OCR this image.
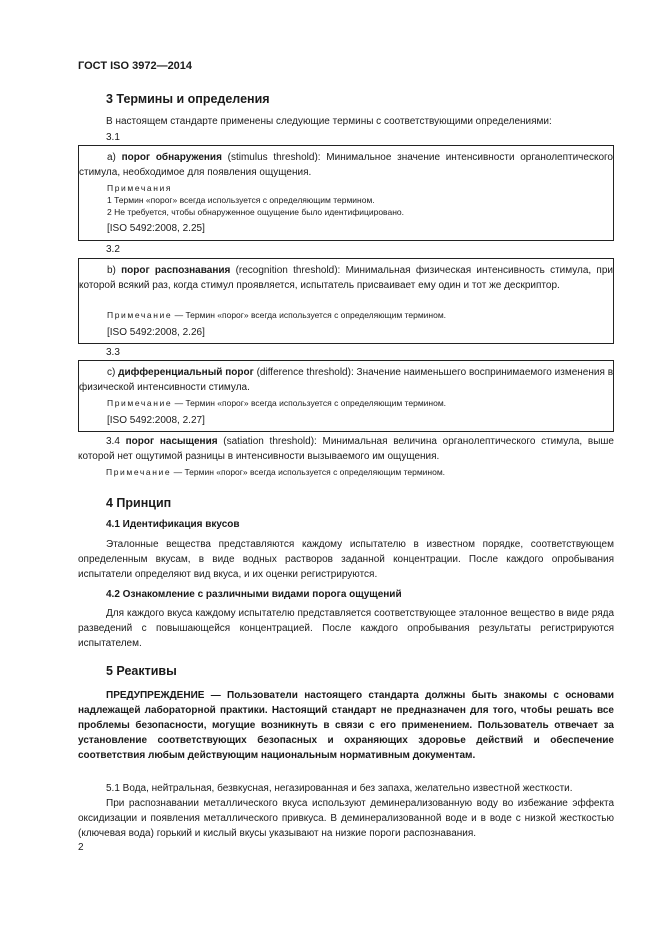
ГОСТ ISO 3972—2014
3 Термины и определения

В настоящем стандарте применены следующие термины с соответствующими определениями:

3.1

a) порог обнаружения (stimulus threshold): Минимальное значение интенсивности органолептического стимула, необходимое для появления ощущения.

Примечания

1 Термин «порог» всегда используется с определяющим термином.

2 Не требуется, чтобы обнаруженное ощущение было идентифицировано.

[ISO 5492:2008, 2.25]
3.2

b) порог распознавания (recognition threshold): Минимальная физическая интенсивность стимула, при которой всякий раз, когда стимул проявляется, испытатель присваивает ему один и тот же дескриптор.

Примечание — Термин «порог» всегда используется с определяющим термином.

[ISO 5492:2008, 2.26]
3.3

c) дифференциальный порог (difference threshold): Значение наименьшего воспринимаемого изменения в физической интенсивности стимула.

Примечание — Термин «порог» всегда используется с определяющим термином.

[ISO 5492:2008, 2.27]

3.4 порог насыщения (satiation threshold): Минимальная величина органолептического стимула, выше которой нет ощутимой разницы в интенсивности вызываемого им ощущения.

Примечание — Термин «порог» всегда используется с определяющим термином.

4 Принцип
4.1 Идентификация вкусов

Эталонные вещества представляются каждому испытателю в известном порядке, соответствующем определенным вкусам, в виде водных растворов заданной концентрации. После каждого опробывания испытатели определяют вид вкуса, и их оценки регистрируются.

4.2 Ознакомление с различными видами порога ощущений

Для каждого вкуса каждому испытателю представляется соответствующее эталонное вещество в виде ряда разведений с повышающейся концентрацией. После каждого опробывания результаты регистрируются испытателем.

5 Реактивы

ПРЕДУПРЕЖДЕНИЕ — Пользователи настоящего стандарта должны быть знакомы с основами надлежащей лабораторной практики. Настоящий стандарт не предназначен для того, чтобы решать все проблемы безопасности, могущие возникнуть в связи с его применением. Пользователь отвечает за установление соответствующих безопасных и охраняющих здоровье действий и обеспечение соответствия любым действующим национальным нормативным документам.

5.1 Вода, нейтральная, безвкусная, негазированная и без запаха, желательно известной жесткости.

При распознавании металлического вкуса используют деминерализованную воду во избежание эффекта оксидизации и появления металлического привкуса. В деминерализованной воде и в воде с низкой жесткостью (ключевая вода) горький и кислый вкусы указывают на низкие пороги распознавания.

2
